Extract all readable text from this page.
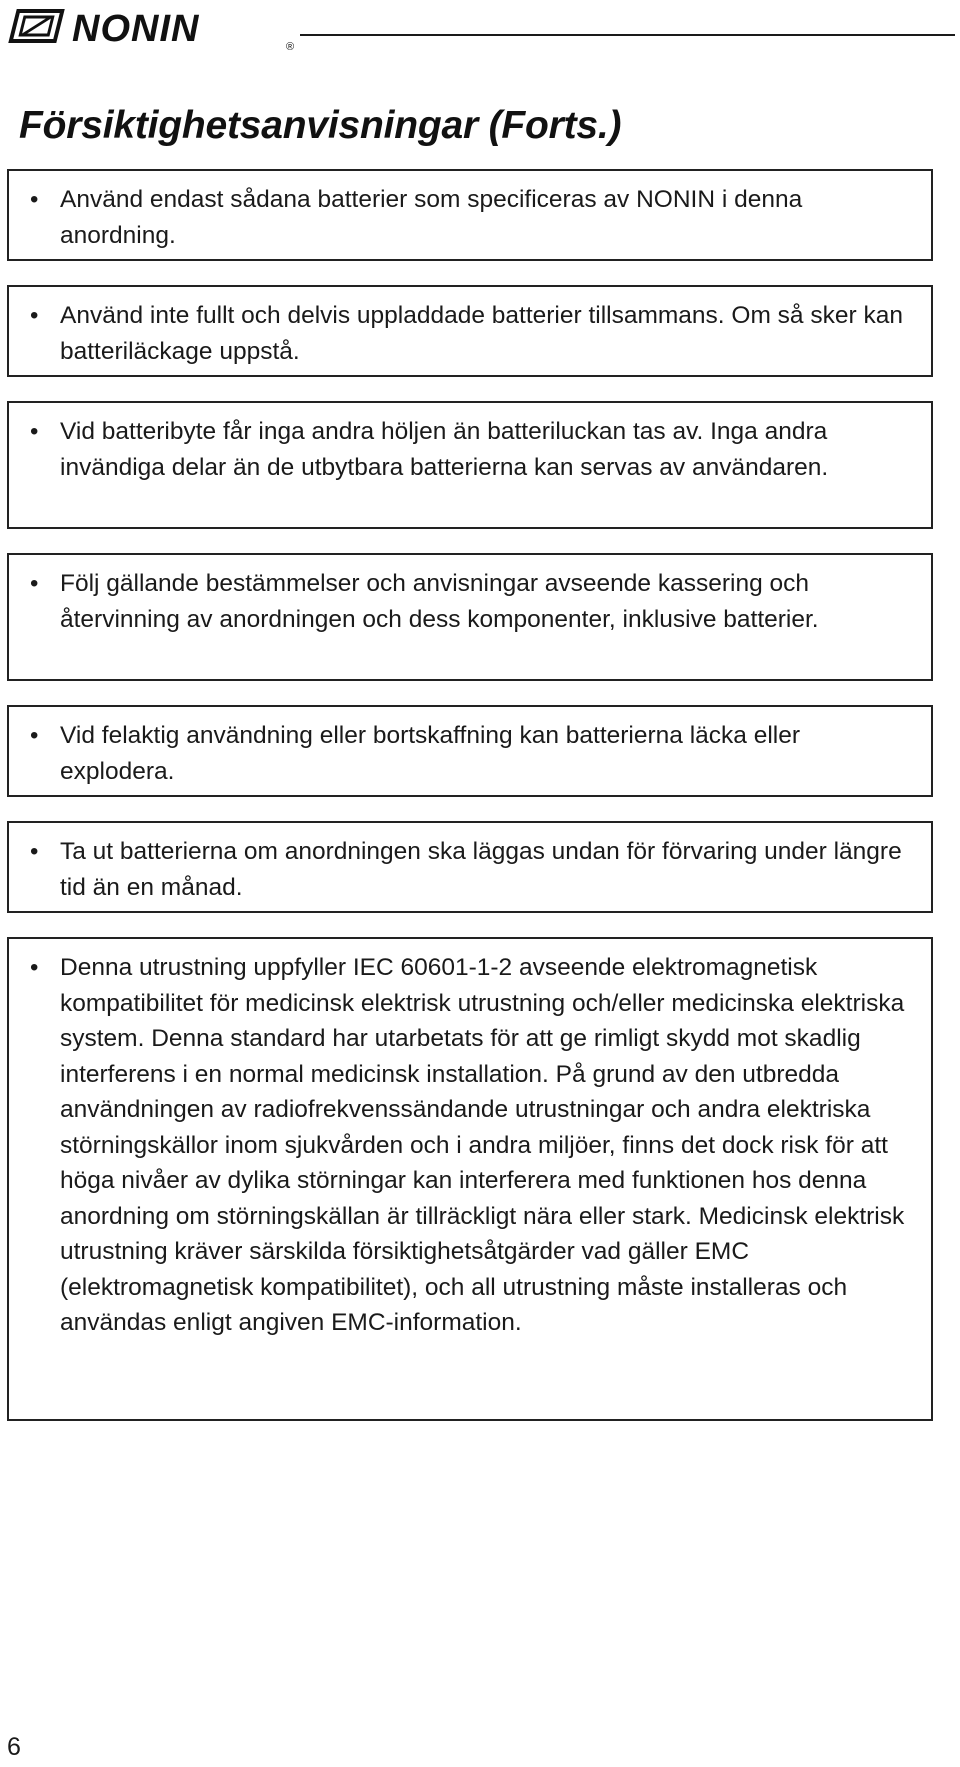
NONIN	®
Försiktighetsanvisningar (Forts.)
• Använd endast sådana batterier som specificeras av NONIN i denna anordning.

• Använd inte fullt och delvis uppladdade batterier tillsammans. Om så sker kan batteriläckage uppstå.

• Vid batteribyte får inga andra höljen än batteriluckan tas av. Inga andra invändiga delar än de utbytbara batterierna kan servas av användaren.

• Följ gällande bestämmelser och anvisningar avseende kassering och återvinning av anordningen och dess komponenter, inklusive batterier.

• Vid felaktig användning eller bortskaffning kan batterierna läcka eller explodera.

• Ta ut batterierna om anordningen ska läggas undan för förvaring under längre tid än en månad.

• Denna utrustning uppfyller IEC 60601-1-2 avseende elektromagnetisk kompatibilitet för medicinsk elektrisk utrustning och/eller medicinska elektriska system. Denna standard har utarbetats för att ge rimligt skydd mot skadlig interferens i en normal medicinsk installation. På grund av den utbredda användningen av radiofrekvenssändande utrustningar och andra elektriska störningskällor inom sjukvården och i andra miljöer, finns det dock risk för att höga nivåer av dylika störningar kan interferera med funktionen hos denna anordning om störningskällan är tillräckligt nära eller stark. Medicinsk elektrisk utrustning kräver särskilda försiktighetsåtgärder vad gäller EMC (elektromagnetisk kompatibilitet), och all utrustning måste installeras och användas enligt angiven EMC-information.

6
